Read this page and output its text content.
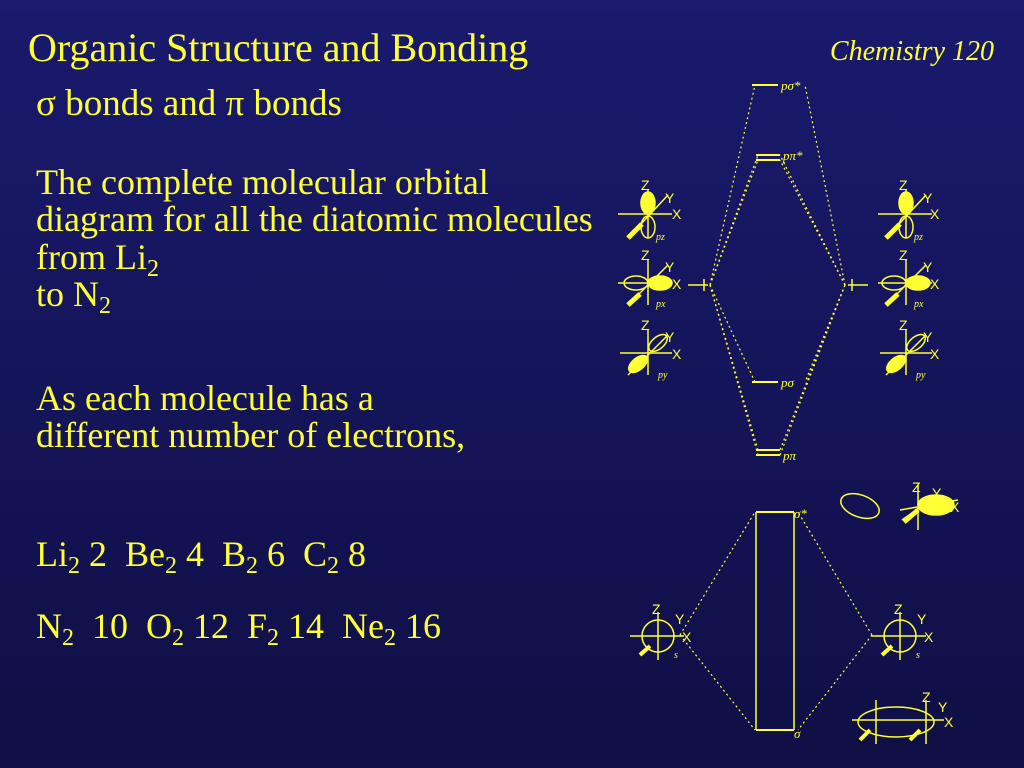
Organic Structure and Bonding	Chemistry 120
σ bonds and π bonds
The complete molecular orbital diagram for all the diatomic molecules from $Li_2$
to $N_2$
As each molecule has a different number of electrons,
$Li_2$ 2 $Be_2$ 4 $B_2$ 6 $C_2$ 8
$N_2$ 10 $O_2$ 12 $F_2$ 14 $Ne_2$ 16
pσ*
pπ*
pσ
pπ
Z
Y
X
Z
Y
X
Z
Y
X
Z
Y
X
Z
Y
X
Z
Y
X
pz
px
py
pz
px
py
Z Y
X
σ*
σ
Z
Y
X
Z
Y
X
s	s
Z
Y
X
